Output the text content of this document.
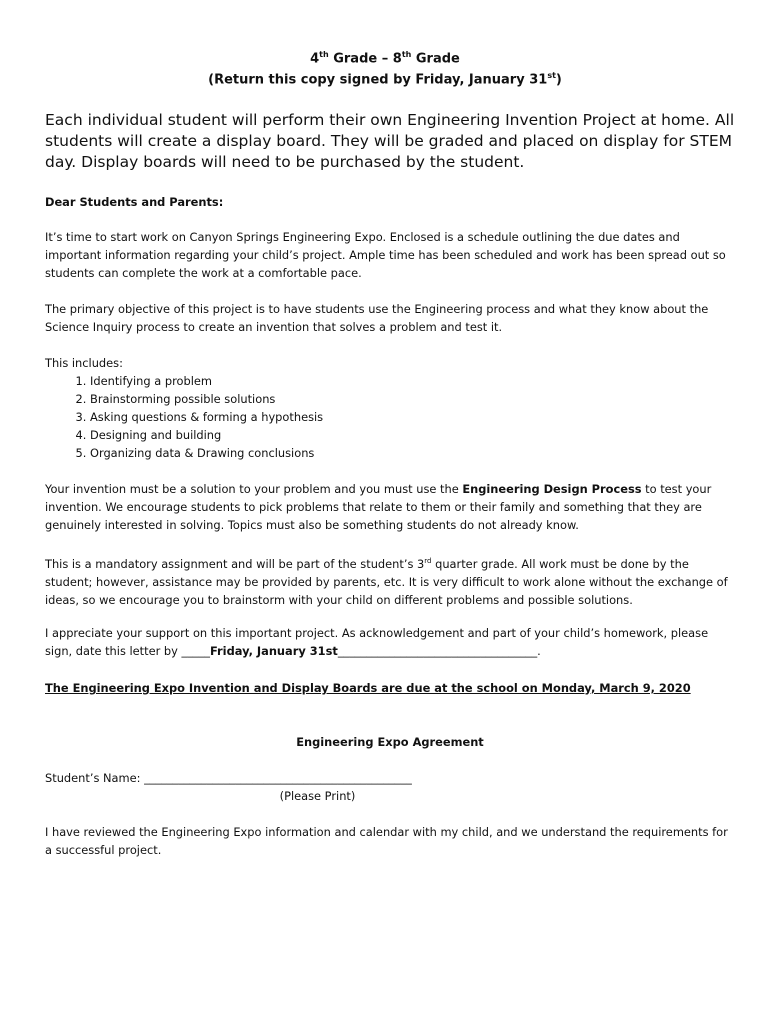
4th Grade – 8th Grade
(Return this copy signed by Friday, January 31st)
Each individual student will perform their own Engineering Invention Project at home. All students will create a display board. They will be graded and placed on display for STEM day. Display boards will need to be purchased by the student.
Dear Students and Parents:
It’s time to start work on Canyon Springs Engineering Expo. Enclosed is a schedule outlining the due dates and important information regarding your child’s project. Ample time has been scheduled and work has been spread out so students can complete the work at a comfortable pace.
The primary objective of this project is to have students use the Engineering process and what they know about the Science Inquiry process to create an invention that solves a problem and test it.
This includes:
1. Identifying a problem
2. Brainstorming possible solutions
3. Asking questions & forming a hypothesis
4. Designing and building
5. Organizing data & Drawing conclusions
Your invention must be a solution to your problem and you must use the Engineering Design Process to test your invention. We encourage students to pick problems that relate to them or their family and something that they are genuinely interested in solving. Topics must also be something students do not already know.
This is a mandatory assignment and will be part of the student’s 3rd quarter grade. All work must be done by the student; however, assistance may be provided by parents, etc. It is very difficult to work alone without the exchange of ideas, so we encourage you to brainstorm with your child on different problems and possible solutions.
I appreciate your support on this important project. As acknowledgement and part of your child’s homework, please sign, date this letter by _____Friday, January 31st___________________________________.
The Engineering Expo Invention and Display Boards are due at the school on Monday, March 9, 2020
Engineering Expo Agreement
Student’s Name: _______________________________________________
(Please Print)
I have reviewed the Engineering Expo information and calendar with my child, and we understand the requirements for a successful project.
